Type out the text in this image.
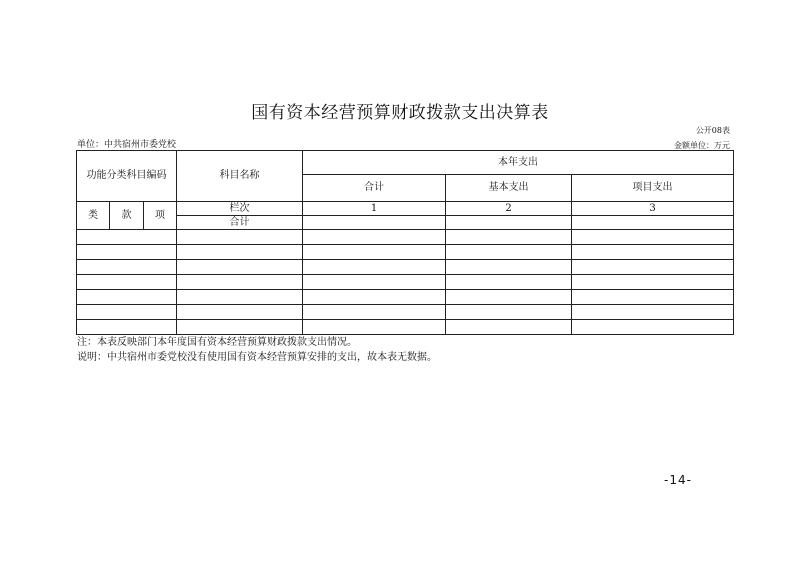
国有资本经营预算财政拨款支出决算表
公开08表
单位：中共宿州市委党校	金额单位：万元
功能分类科目编码			科目名称	本年支出		
				合计	基本支出	项目支出
类	款	项	栏次	1	2	3
			合计			

注：本表反映部门本年度国有资本经营预算财政拨款支出情况。
说明：中共宿州市委党校没有使用国有资本经营预算安排的支出，故本表无数据。
-14-
